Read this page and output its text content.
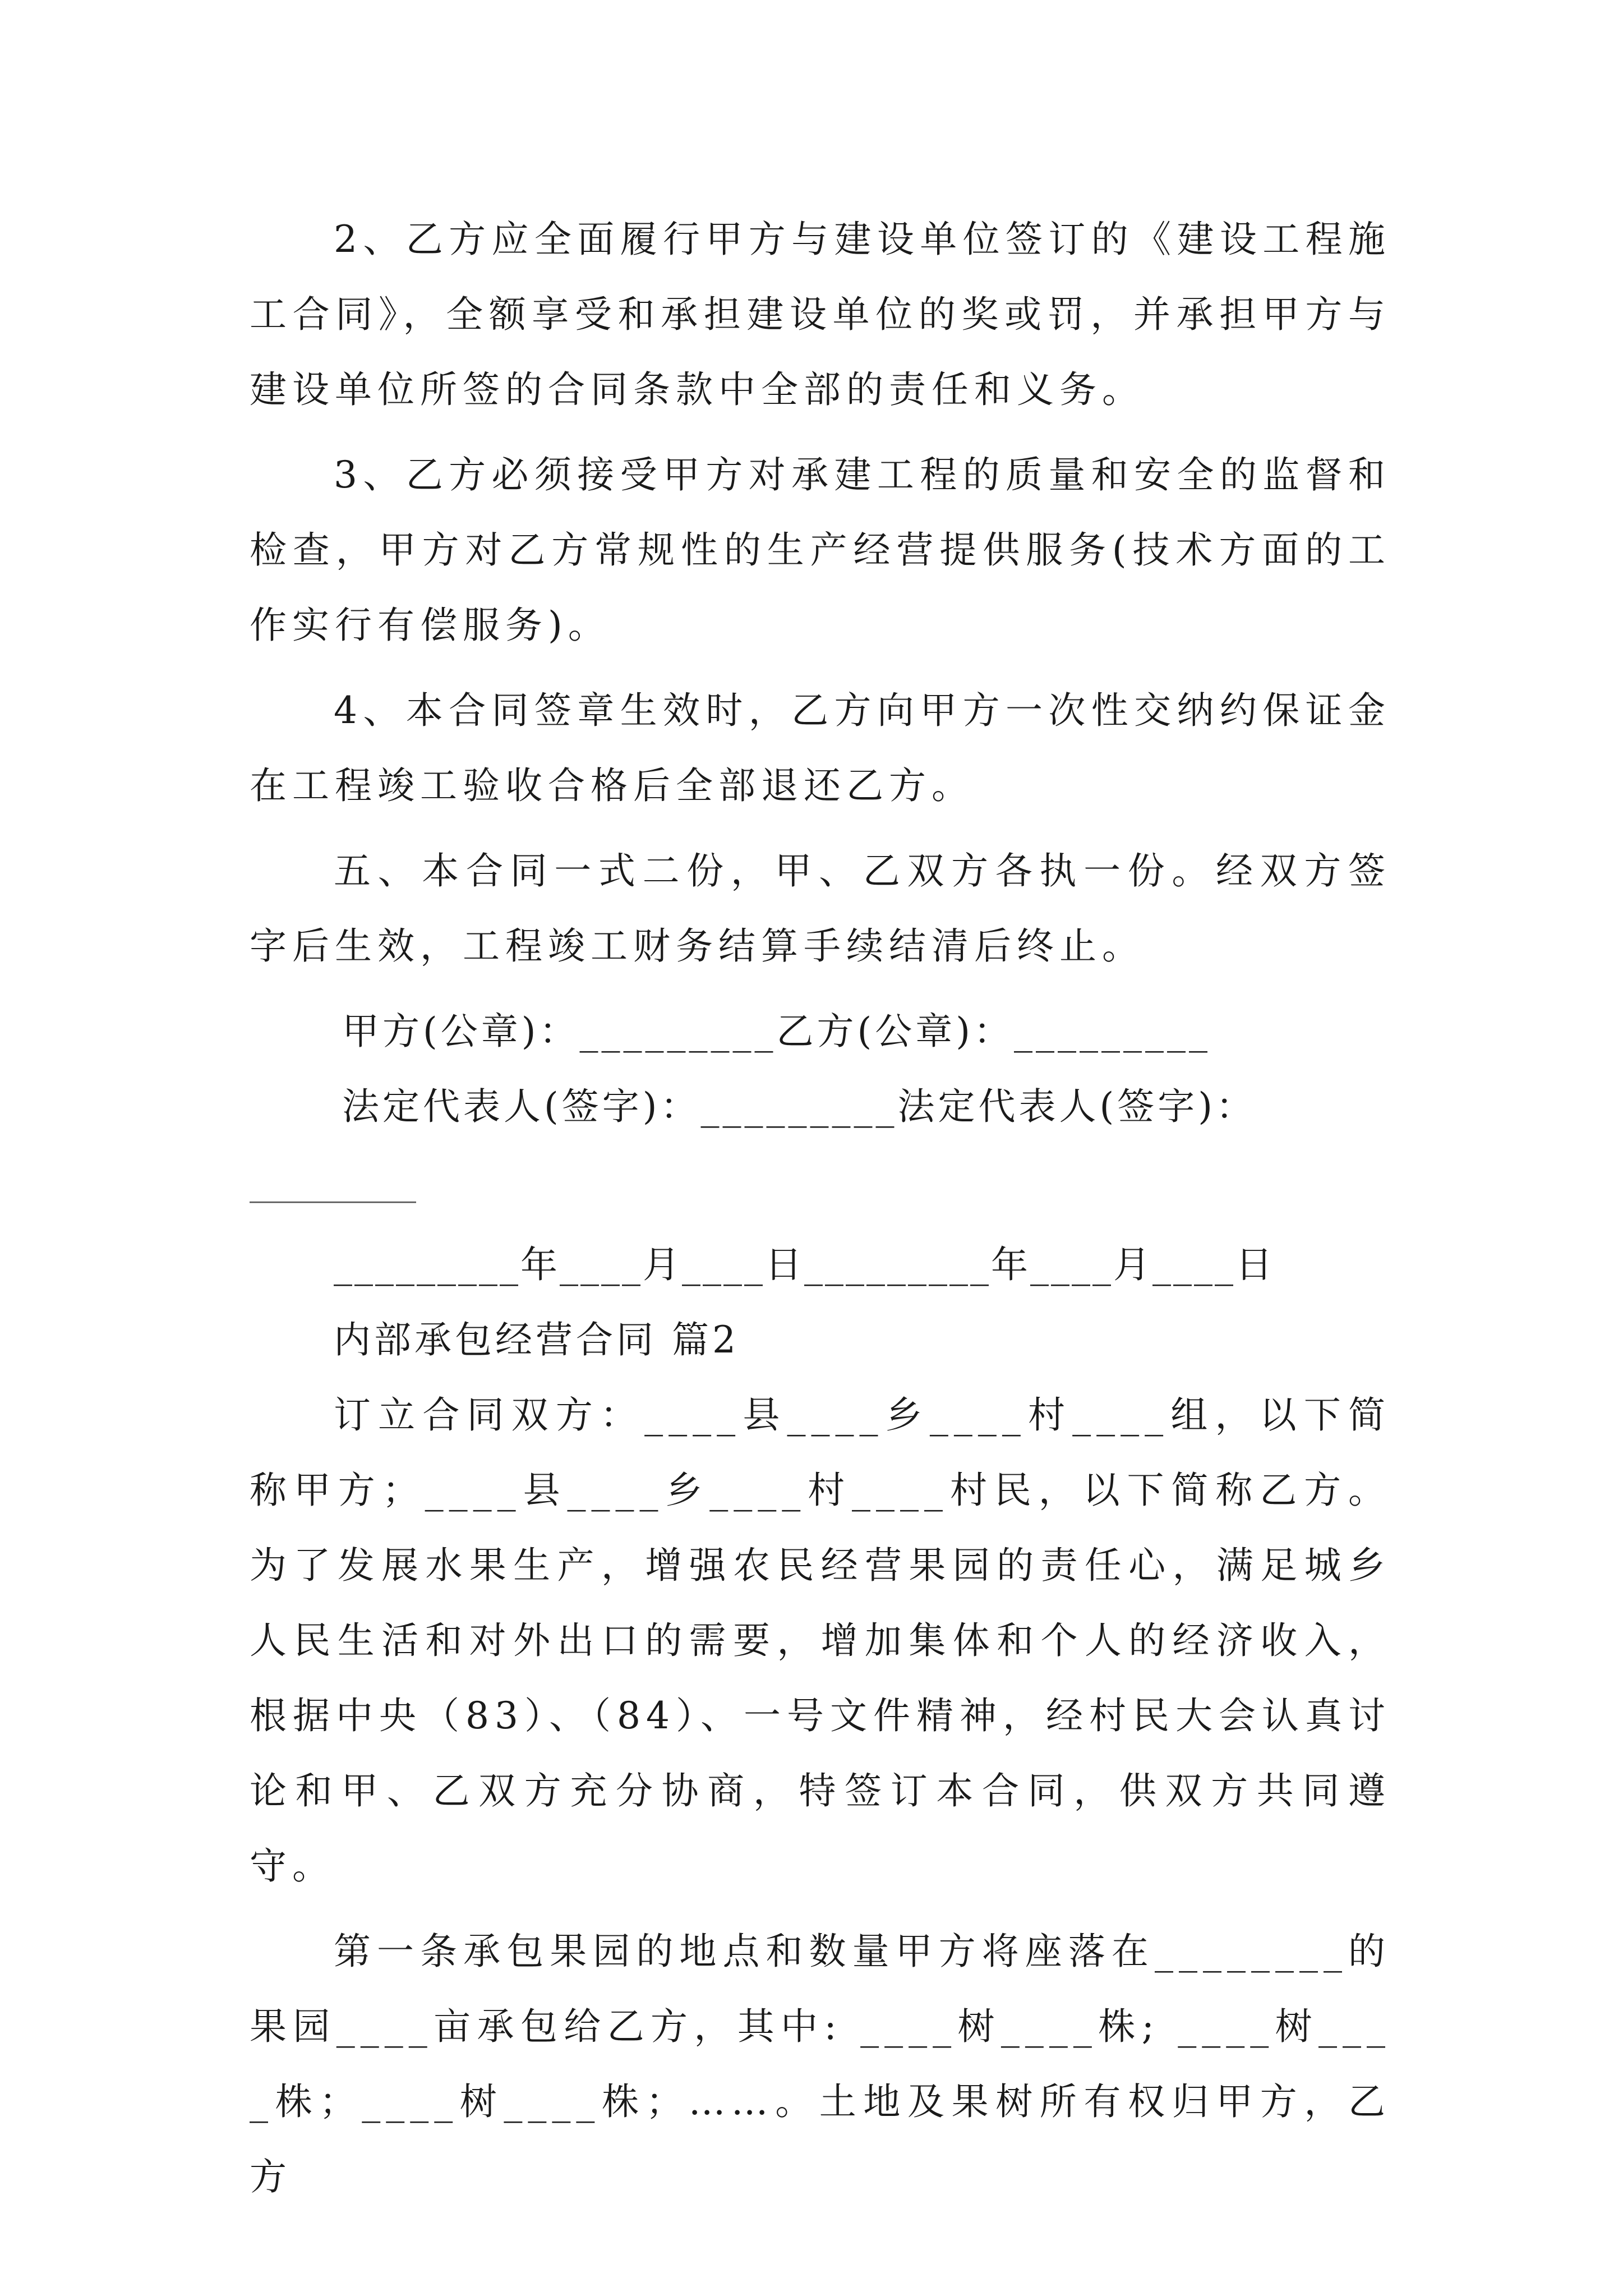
2、乙方应全面履行甲方与建设单位签订的《建设工程施工合同》，全额享受和承担建设单位的奖或罚，并承担甲方与建设单位所签的合同条款中全部的责任和义务。

3、乙方必须接受甲方对承建工程的质量和安全的监督和检查，甲方对乙方常规性的生产经营提供服务(技术方面的工作实行有偿服务)。

4、本合同签章生效时，乙方向甲方一次性交纳约保证金在工程竣工验收合格后全部退还乙方。

五、本合同一式二份，甲、乙双方各执一份。经双方签字后生效，工程竣工财务结算手续结清后终止。

甲方(公章)：_________乙方(公章)：_________

法定代表人(签字)：_________法定代表人(签字)：

_________

_________年____月____日_________年____月____日

内部承包经营合同 篇2

订立合同双方：____县____乡____村____组，以下简称甲方；____县____乡____村____村民，以下简称乙方。为了发展水果生产，增强农民经营果园的责任心，满足城乡人民生活和对外出口的需要，增加集体和个人的经济收入，根据中央（83）、（84）、一号文件精神，经村民大会认真讨论和甲、乙双方充分协商，特签订本合同，供双方共同遵守。

第一条承包果园的地点和数量甲方将座落在________的果园____亩承包给乙方，其中: ____树____株; ____树____株；____树____株；……。土地及果树所有权归甲方，乙方
